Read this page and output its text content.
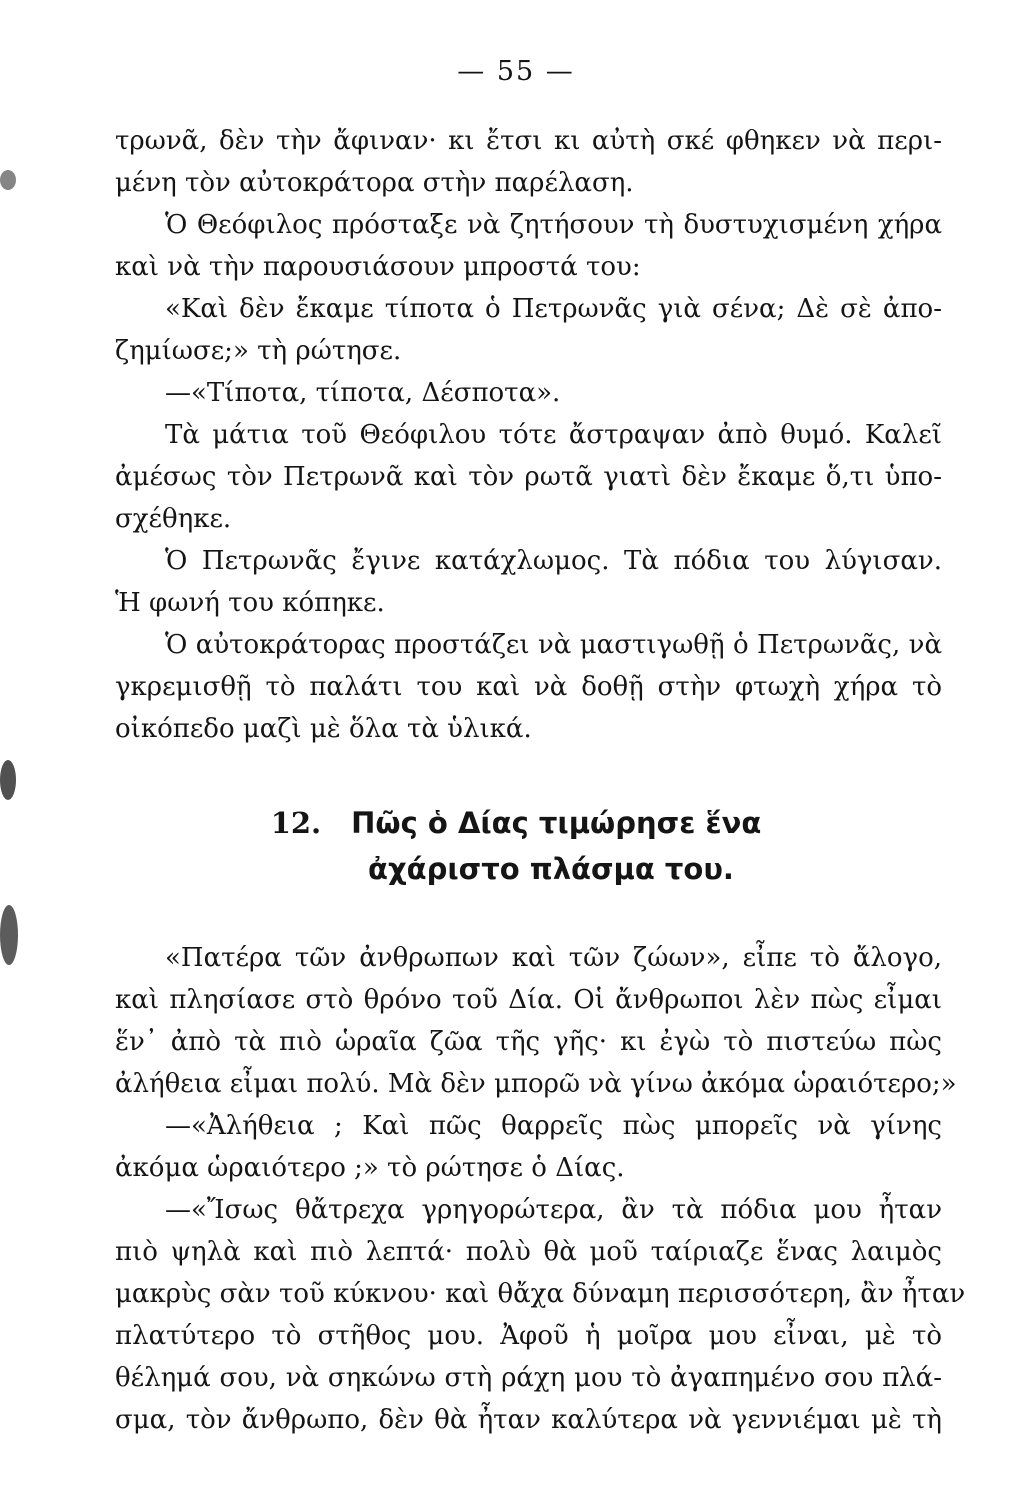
— 55 —
τρωνᾶ, δὲν τὴν ἄφιναν· κι ἔτσι κι αὐτὴ σκέ φθηκεν νὰ περι-
μένη τὸν αὐτοκράτορα στὴν παρέλαση.
Ὁ Θεόφιλος πρόσταξε νὰ ζητήσουν τὴ δυστυχισμένη χήρα
καὶ νὰ τὴν παρουσιάσουν μπροστά του:
«Καὶ δὲν ἔκαμε τίποτα ὁ Πετρωνᾶς γιὰ σένα; Δὲ σὲ ἀπο-
ζημίωσε;» τὴ ρώτησε.
—«Τίποτα, τίποτα, Δέσποτα».
Τὰ μάτια τοῦ Θεόφιλου τότε ἄστραψαν ἀπὸ θυμό. Καλεῖ
ἀμέσως τὸν Πετρωνᾶ καὶ τὸν ρωτᾶ γιατὶ δὲν ἔκαμε ὅ,τι ὑπο-
σχέθηκε.
Ὁ Πετρωνᾶς ἔγινε κατάχλωμος. Τὰ πόδια του λύγισαν.
Ἡ φωνή του κόπηκε.
Ὁ αὐτοκράτορας προστάζει νὰ μαστιγωθῇ ὁ Πετρωνᾶς, νὰ
γκρεμισθῇ τὸ παλάτι του καὶ νὰ δοθῇ στὴν φτωχὴ χήρα τὸ
οἰκόπεδο μαζὶ μὲ ὅλα τὰ ὑλικά.
12. Πῶς ὁ Δίας τιμώρησε ἕνα
ἀχάριστο πλάσμα του.
«Πατέρα τῶν ἀνθρωπων καὶ τῶν ζώων», εἶπε τὸ ἄλογο,
καὶ πλησίασε στὸ θρόνο τοῦ Δία. Οἱ ἄνθρωποι λὲν πὼς εἶμαι
ἕν᾽ ἀπὸ τὰ πιὸ ὡραῖα ζῶα τῆς γῆς· κι ἐγὼ τὸ πιστεύω πὼς
ἀλήθεια εἶμαι πολύ. Μὰ δὲν μπορῶ νὰ γίνω ἀκόμα ὡραιότερο;»
—«Ἀλήθεια ; Καὶ πῶς θαρρεῖς πὼς μπορεῖς νὰ γίνης
ἀκόμα ὡραιότερο ;» τὸ ρώτησε ὁ Δίας.
—«Ἴσως θἄτρεχα γρηγορώτερα, ἂν τὰ πόδια μου ἦταν
πιὸ ψηλὰ καὶ πιὸ λεπτά· πολὺ θὰ μοῦ ταίριαζε ἕνας λαιμὸς
μακρὺς σὰν τοῦ κύκνου· καὶ θἄχα δύναμη περισσότερη, ἂν ἦταν
πλατύτερο τὸ στῆθος μου. Ἀφοῦ ἡ μοῖρα μου εἶναι, μὲ τὸ
θέλημά σου, νὰ σηκώνω στὴ ράχη μου τὸ ἀγαπημένο σου πλά-
σμα, τὸν ἄνθρωπο, δὲν θὰ ἦταν καλύτερα νὰ γεννιέμαι μὲ τὴ
